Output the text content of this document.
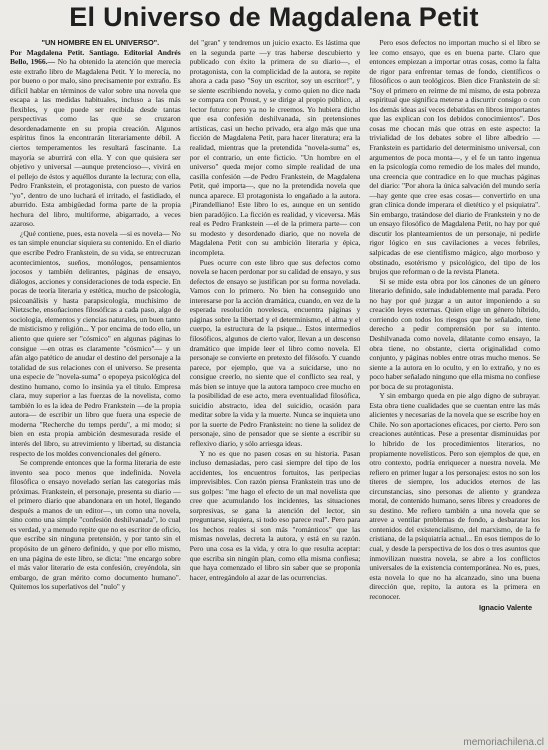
El Universo de Magdalena Petit

"UN HOMBRE EN EL UNIVERSO".

Por Magdalena Petit. Santiago. Editorial Andrés Bello, 1966.— No ha obtenido la atención que merecía este extraño libro de Magdalena Petit. Y lo merecía, no por bueno o por malo, sino precisamente por extraño. Es difícil hablar en términos de valor sobre una novela que escapa a las medidas habituales, incluso a las más flexibles, y que puede ser recibida desde tantas perspectivas como las que se cruzaron desordenadamente en su propia creación. Algunos espíritus finos la encontrarán literariamente débil. A ciertos temperamentos les resultará fascinante. La mayoría se aburrirá con ella. Y con que quisiera ser objetivo y universal —aunque pretencioso—, vivirá en el pellejo de éstos y aquéllos durante la lectura; con ella, Pedro Frankstein, el protagonista, con puesto de varios "yo", dentro de uno luchará el irritado, el fastidiado, el aburrido. Esta ambigüedad forma parte de la propia hechura del libro, multiforme, abigarrado, a veces azaroso.

¿Qué contiene, pues, esta novela —si es novela— No es tan simple enunciar siquiera su contenido. En el diario que escribe Pedro Frankstein, de su vida, se entrecruzan acontecimientos, sueños, monólogos, pensamientos jocosos y también delirantes, páginas de ensayo, diálogos, acciones y consideraciones de toda especie. En pocas de teoría literaria y estética, mucho de psicología, psicoanálisis y hasta parapsicología, muchísimo de Nietzsche, ensoñaciones filosóficas a cada paso, algo de sociología, elementos y ciencias naturales, un buen tanto de misticismo y religión... Y por encima de todo ello, un aliento que quiere ser "cósmico" en algunas páginas lo consigue —en otras es claramente "cósmico"— y un afán algo patético de anudar el destino del personaje a la totalidad de sus relaciones con el universo. Se presenta una especie de "novela-suma" o epopeya psicológica del destino humano, como lo insinúa ya el título. Empresa clara, muy superior a las fuerzas de la novelista, como también lo es la idea de Pedro Frankstein —de la propia autora— de escribir un libro que fuera una especie de moderna "Recherche du temps perdu", a mi modo; si bien en esta propia ambición desmesurada reside el interés del libro, su atrevimiento y libertad, su distancia respecto de los moldes convencionales del género.

Se comprende entonces que la forma literaria de este invento sea poco menos que indefinida. Novela filosófica o ensayo novelado serían las categorías más próximas. Frankstein, el personaje, presenta su diario —el primero diario que abandonara en un hotel, llegando después a manos de un editor—, un como una novela, sino como una simple "confesión deshilvanada", lo cual es verdad, y a menudo repite que no es escritor de oficio, que escribe sin ninguna pretensión, y por tanto sin el propósito de un género definido, y que por ello mismo, en una página de este libro, se dicta: "me encargo sobre el más valor literario de esta confesión, creyéndola, sin embargo, de gran mérito como documento humano". Quitemos los superlativos del "nulo" y

del "gran" y tendremos un juicio exacto. Es lástima que en la segunda parte —y tras haberse descubierto y publicado con éxito la primera de su diario—, el protagonista, con la complicidad de la autora, se repite ahora a cada paso "Soy un escritor, soy un escritor!", y se siente escribiendo novela, y como quien no dice nada se compara con Proust, y se dirige al propio público, al lector futuro: pero ya no le creemos. Yo hubiera dicho que esa confesión deshilvanada, sin pretensiones artísticas, casi un hecho privado, era algo más que una ficción de Magdalena Petit, para hacer literatura; era la realidad, mientras que la pretendida "novela-suma" es, por el contrario, un ente ficticio. "Un hombre en el universo" queda mejor como simple realidad de una casilla confesión —de Pedro Frankstein, de Magdalena Petit, qué importa—, que no la pretendida novela que nunca aparece. El protagonista lo engañado a la autora. ¡Pirandelliano! Este libro lo es, aunque en un sentido bien paradójico. La ficción es realidad, y viceversa. Más real es Pedro Frankstein —el de la primera parte— con su modesto y desordenado diario, que no novela de Magdalena Petit con su ambición literaria y épica, incompleta.

Pues ocurre con este libro que sus defectos como novela se hacen perdonar por su calidad de ensayo, y sus defectos de ensayo se justifican por su forma novelada. Vamos con lo primero. No bien ha conseguido uno interesarse por la acción dramática, cuando, en vez de la esperada resolución novelesca, encuentra páginas y páginas sobre la libertad y el determinismo, el alma y el cuerpo, la estructura de la psique... Estos intermedios filosóficos, algunos de cierto valor, llevan a un descenso dramático que impide leer el libro como novela. El personaje se convierte en pretexto del filósofo. Y cuando parece, por ejemplo, que va a suicidarse, uno no consigue creerlo, no siente que el conflicto sea real, y más bien se intuye que la autora tampoco cree mucho en la posibilidad de ese acto, mera eventualidad filosófica, suicidio abstracto, idea del suicidio, ocasión para meditar sobre la vida y la muerte. Nunca se inquieta uno por la suerte de Pedro Frankstein: no tiene la solidez de personaje, sino de pensador que se siente a escribir su reflexivo diario, y sólo arriesga ideas.

Y no es que no pasen cosas en su historia. Pasan incluso demasiadas, pero casi siempre del tipo de los accidentes, los encuentros fortuitos, las peripecias imprevisibles. Con razón piensa Frankstein tras uno de sus golpes: "me hago el efecto de un mal novelista que cree que acumulando los incidentes, las situaciones sorpresivas, se gana la atención del lector, sin preguntarse, siquiera, si todo eso parece real". Pero para los hechos reales si son más "románticos" que las mismas novelas, decreta la autora, y está en su razón. Pero una cosa es la vida, y otra lo que resulta aceptar: que escriba sin ningún plan, como ella misma confiesa; que haya comenzado el libro sin saber que se proponía hacer, entregándolo al azar de las ocurrencias.

Pero esos defectos no importan mucho si el libro se lee como ensayo, que es en buena parte. Claro que entonces empiezan a importar otras cosas, como la falta de rigor para enfrentar temas de fondo, científicos o filosóficos o aun teológicos. Bien dice Frankstein de sí: "Soy el primero en reírme de mí mismo, de esta pobreza espiritual que significa meterse a discurrir consigo o con los demás ideas así veces debatidas en libros importantes que las explican con los debidos conocimientos". Dos cosas me chocan más que otras en este aspecto: la trivialidad de los debates sobre el libre albedrío —Frankstein es partidario del determinismo universal, con argumentos de poca monta—, y el fe un tanto ingenua en la psicología como remedio de los males del mundo, una creencia que contradice en lo que muchas páginas del diario: "Por ahora la única salvación del mundo sería —hay gente que cree esas cosas— convertirlo en una gran clínica donde imperara el dietético y el psiquiatra". Sin embargo, tratándose del diario de Frankstein y no de un ensayo filosófico de Magdalena Petit, no hay por qué discutir los planteamientos de un personaje, ni pedirle rigor lógico en sus cavilaciones a veces febriles, salpicadas de ese científismo mágico, algo morboso y obstinado, esotérismo y psicológico, del tipo de los brujos que reforman o de la revista Planeta.

Si se mide esta obra por los cánones de un género literario definido, sale indudablemente mal parada. Pero no hay por qué juzgar a un autor imponiendo a su creación leyes externas. Quien elige un género híbrido, corriendo con todos los riesgos que he señalado, tiene derecho a pedir comprensión por su intento. Deshilvanada como novela, dilatante como ensayo, la obra tiene, no obstante, cierta originalidad como conjunto, y páginas nobles entre otras mucho menos. Se siente a la autora en lo oculto, y en lo extraño, y no es poco haber señalado ninguno que ella misma no confiese por boca de su protagonista.

Y sin embargo queda en pie algo digno de subrayar. Esta obra tiene cualidades que se cuentan entre las más alicientes y necesarias de la novela que se escribe hoy en Chile. No son aportaciones eficaces, por cierto. Pero son creaciones auténticas. Pese a presentar disminuidas por lo híbrido de los procedimientos literarios, no propiamente novelísticos. Pero son ejemplos de que, en otro contexto, podría enriquecer a nuestra novela. Me refiero en primer lugar a los personajes: estos no son los títeres de siempre, los aducidos eternos de las circunstancias, sino personas de aliento y grandeza moral, de contenido humano, seres libres y creadores de su destino. Me refiero también a una novela que se atreve a ventilar problemas de fondo, a desbaratar los contenidos del existencialismo, del marxismo, de la fe cristiana, de la psiquiatría actual... En esos tiempos de lo cual, y desde la perspectiva de los dos o tres asuntos que inmovilizan nuestra novela, se abre a los conflictos universales de la existencia contemporánea. No es, pues, esta novela lo que no ha alcanzado, sino una buena dirección que, repito, la autora es la primera en reconocer.

Ignacio Valente
memoriachilena.cl
